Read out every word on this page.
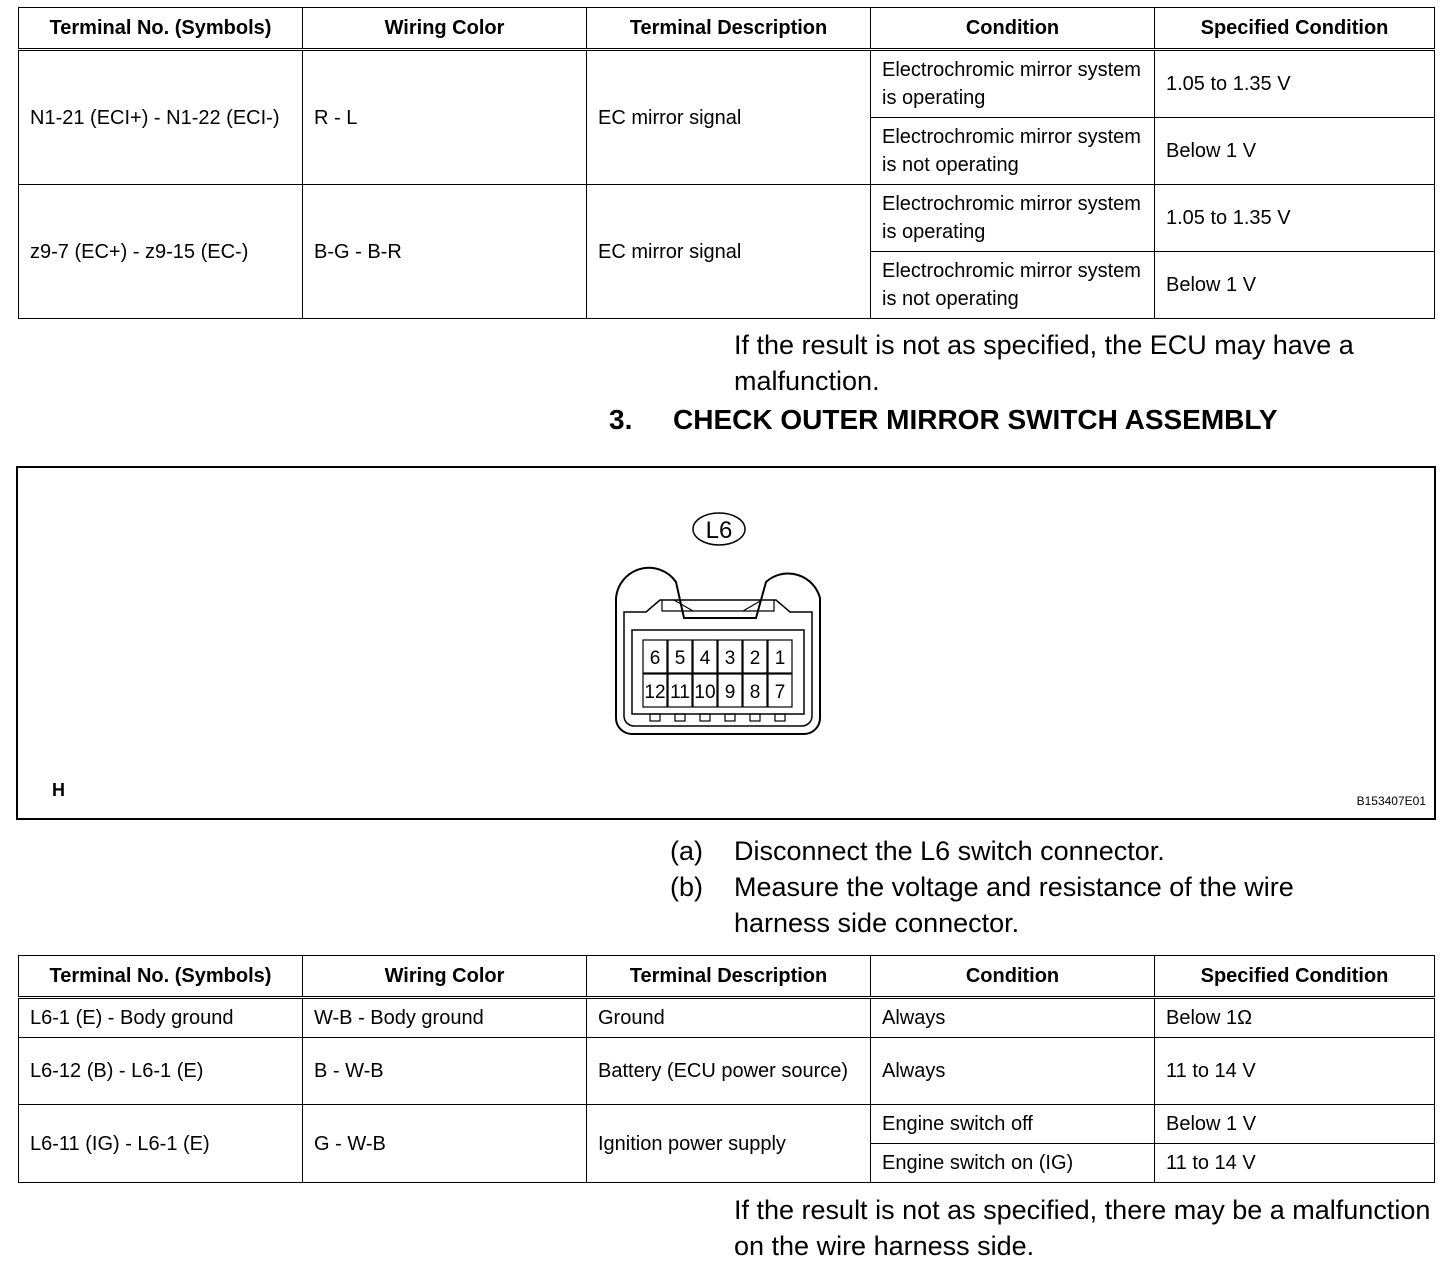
Terminal No. (Symbols)	Wiring Color	Terminal Description	Condition	Specified Condition
N1-21 (ECI+) - N1-22 (ECI-)	R - L	EC mirror signal	Electrochromic mirror system is operating	1.05 to 1.35 V
			Electrochromic mirror system is not operating	Below 1 V
z9-7 (EC+) - z9-15 (EC-)	B-G - B-R	EC mirror signal	Electrochromic mirror system is operating	1.05 to 1.35 V
			Electrochromic mirror system is not operating	Below 1 V
If the result is not as specified, the ECU may have a malfunction.
3. CHECK OUTER MIRROR SWITCH ASSEMBLY
L6
6 5 4 3 2 1
12 11 10 9 8 7
H
B153407E01
(a) Disconnect the L6 switch connector.
(b) Measure the voltage and resistance of the wire harness side connector.
Terminal No. (Symbols)	Wiring Color	Terminal Description	Condition	Specified Condition
L6-1 (E) - Body ground	W-B - Body ground	Ground	Always	Below 1Ω
L6-12 (B) - L6-1 (E)	B - W-B	Battery (ECU power source)	Always	11 to 14 V
L6-11 (IG) - L6-1 (E)	G - W-B	Ignition power supply	Engine switch off	Below 1 V
			Engine switch on (IG)	11 to 14 V
If the result is not as specified, there may be a malfunction on the wire harness side.
